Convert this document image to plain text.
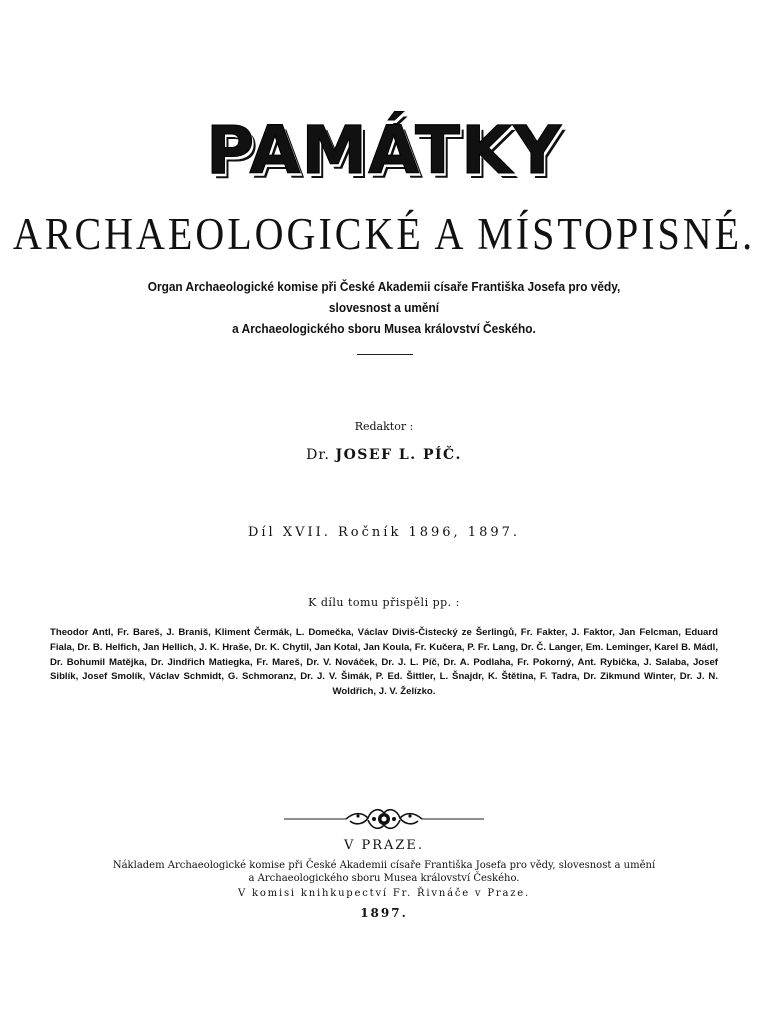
PAMÁTKY
ARCHAEOLOGICKÉ A MÍSTOPISNÉ.
Organ Archaeologické komise při České Akademii císaře Františka Josefa pro vědy, slovesnost a umění
a Archaeologického sboru Musea království Českého.
Redaktor :
Dr. JOSEF L. PÍČ.
Díl XVII. Ročník 1896, 1897.
K dílu tomu přispěli pp. :
Theodor Antl, Fr. Bareš, J. Braniš, Kliment Čermák, L. Domečka, Václav Diviš-Čistecký ze Šerlingů, Fr. Fakter, J. Faktor, Jan Felcman, Eduard Fiala, Dr. B. Helfich, Jan Hellich, J. K. Hraše, Dr. K. Chytil, Jan Kotal, Jan Koula, Fr. Kučera, P. Fr. Lang, Dr. Č. Langer, Em. Leminger, Karel B. Mádl, Dr. Bohumil Matějka, Dr. Jindřich Matiegka, Fr. Mareš, Dr. V. Nováček, Dr. J. L. Píč, Dr. A. Podlaha, Fr. Pokorný, Ant. Rybička, J. Salaba, Josef Siblík, Josef Smolík, Václav Schmidt, G. Schmoranz, Dr. J. V. Šimák, P. Ed. Šittler, L. Šnajdr, K. Štětina, F. Tadra, Dr. Zikmund Winter, Dr. J. N. Woldřich, J. V. Želízko.
V PRAZE.
Nákladem Archaeologické komise při České Akademii císaře Františka Josefa pro vědy, slovesnost a umění
a Archaeologického sboru Musea království Českého.
V komisi knihkupectví Fr. Řivnáče v Praze.
1897.
